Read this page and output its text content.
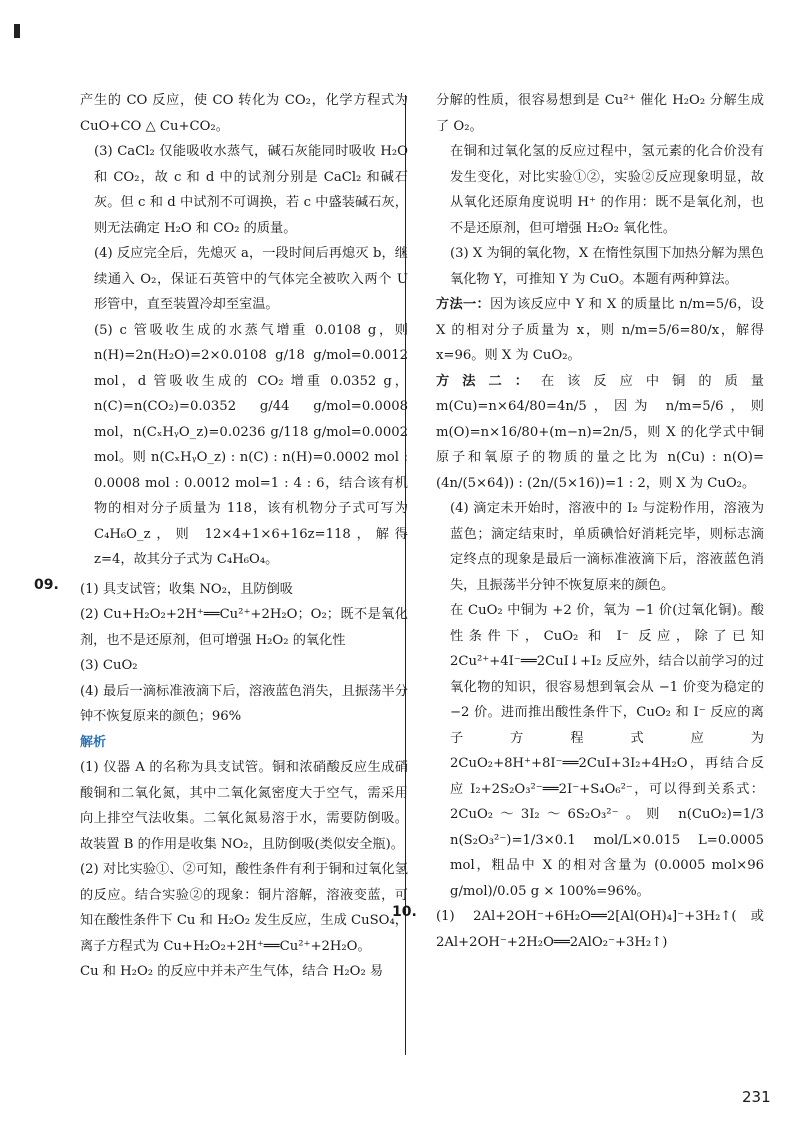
产生的 CO 反应，使 CO 转化为 CO₂，化学方程式为 CuO+CO △ Cu+CO₂。

(3) CaCl₂ 仅能吸收水蒸气，碱石灰能同时吸收 H₂O 和 CO₂，故 c 和 d 中的试剂分别是 CaCl₂ 和碱石灰。但 c 和 d 中试剂不可调换，若 c 中盛装碱石灰，则无法确定 H₂O 和 CO₂ 的质量。

(4) 反应完全后，先熄灭 a，一段时间后再熄灭 b，继续通入 O₂，保证石英管中的气体完全被吹入两个 U 形管中，直至装置冷却至室温。

(5) c 管吸收生成的水蒸气增重 0.0108 g，则 n(H)=2n(H₂O)=2×0.0108 g/18 g/mol=0.0012 mol，d 管吸收生成的 CO₂ 增重 0.0352 g，n(C)=n(CO₂)=0.0352 g/44 g/mol=0.0008 mol，n(CₓHᵧO_z)=0.0236 g/118 g/mol=0.0002 mol。则 n(CₓHᵧO_z) : n(C) : n(H)=0.0002 mol : 0.0008 mol : 0.0012 mol=1 : 4 : 6，结合该有机物的相对分子质量为 118，该有机物分子式可写为 C₄H₆O_z，则 12×4+1×6+16z=118，解得 z=4，故其分子式为 C₄H₆O₄。

09. (1) 具支试管；收集 NO₂，且防倒吸

(2) Cu+H₂O₂+2H⁺══Cu²⁺+2H₂O；O₂；既不是氧化剂，也不是还原剂，但可增强 H₂O₂ 的氧化性

(3) CuO₂

(4) 最后一滴标准液滴下后，溶液蓝色消失，且振荡半分钟不恢复原来的颜色；96%

解析

(1) 仪器 A 的名称为具支试管。铜和浓硝酸反应生成硝酸铜和二氧化氮，其中二氧化氮密度大于空气，需采用向上排空气法收集。二氧化氮易溶于水，需要防倒吸。故装置 B 的作用是收集 NO₂，且防倒吸(类似安全瓶)。

(2) 对比实验①、②可知，酸性条件有利于铜和过氧化氢的反应。结合实验②的现象：铜片溶解，溶液变蓝，可知在酸性条件下 Cu 和 H₂O₂ 发生反应，生成 CuSO₄，离子方程式为 Cu+H₂O₂+2H⁺══Cu²⁺+2H₂O。

Cu 和 H₂O₂ 的反应中并未产生气体，结合 H₂O₂ 易

分解的性质，很容易想到是 Cu²⁺ 催化 H₂O₂ 分解生成了 O₂。

在铜和过氧化氢的反应过程中，氢元素的化合价没有发生变化，对比实验①②，实验②反应现象明显，故从氧化还原角度说明 H⁺ 的作用：既不是氧化剂，也不是还原剂，但可增强 H₂O₂ 氧化性。

(3) X 为铜的氧化物，X 在惰性氛围下加热分解为黑色氧化物 Y，可推知 Y 为 CuO。本题有两种算法。

方法一：因为该反应中 Y 和 X 的质量比 n/m=5/6，设 X 的相对分子质量为 x，则 n/m=5/6=80/x，解得 x=96。则 X 为 CuO₂。

方法二：在该反应中铜的质量 m(Cu)=n×64/80=4n/5，因为 n/m=5/6，则 m(O)=n×16/80+(m−n)=2n/5，则 X 的化学式中铜原子和氧原子的物质的量之比为 n(Cu) : n(O)=(4n/(5×64)) : (2n/(5×16))=1 : 2，则 X 为 CuO₂。

(4) 滴定未开始时，溶液中的 I₂ 与淀粉作用，溶液为蓝色；滴定结束时，单质碘恰好消耗完毕，则标志滴定终点的现象是最后一滴标准液滴下后，溶液蓝色消失，且振荡半分钟不恢复原来的颜色。

在 CuO₂ 中铜为 +2 价，氧为 −1 价(过氧化铜)。酸性条件下，CuO₂ 和 I⁻ 反应，除了已知 2Cu²⁺+4I⁻══2CuI↓+I₂ 反应外，结合以前学习的过氧化物的知识，很容易想到氧会从 −1 价变为稳定的 −2 价。进而推出酸性条件下，CuO₂ 和 I⁻ 反应的离子方程式应为 2CuO₂+8H⁺+8I⁻══2CuI+3I₂+4H₂O，再结合反应 I₂+2S₂O₃²⁻══2I⁻+S₄O₆²⁻，可以得到关系式：2CuO₂～3I₂～6S₂O₃²⁻。则 n(CuO₂)=1/3 n(S₂O₃²⁻)=1/3×0.1 mol/L×0.015 L=0.0005 mol，粗品中 X 的相对含量为 (0.0005 mol×96 g/mol)/0.05 g × 100%=96%。

10. (1) 2Al+2OH⁻+6H₂O══2[Al(OH)₄]⁻+3H₂↑(或 2Al+2OH⁻+2H₂O══2AlO₂⁻+3H₂↑)

231
